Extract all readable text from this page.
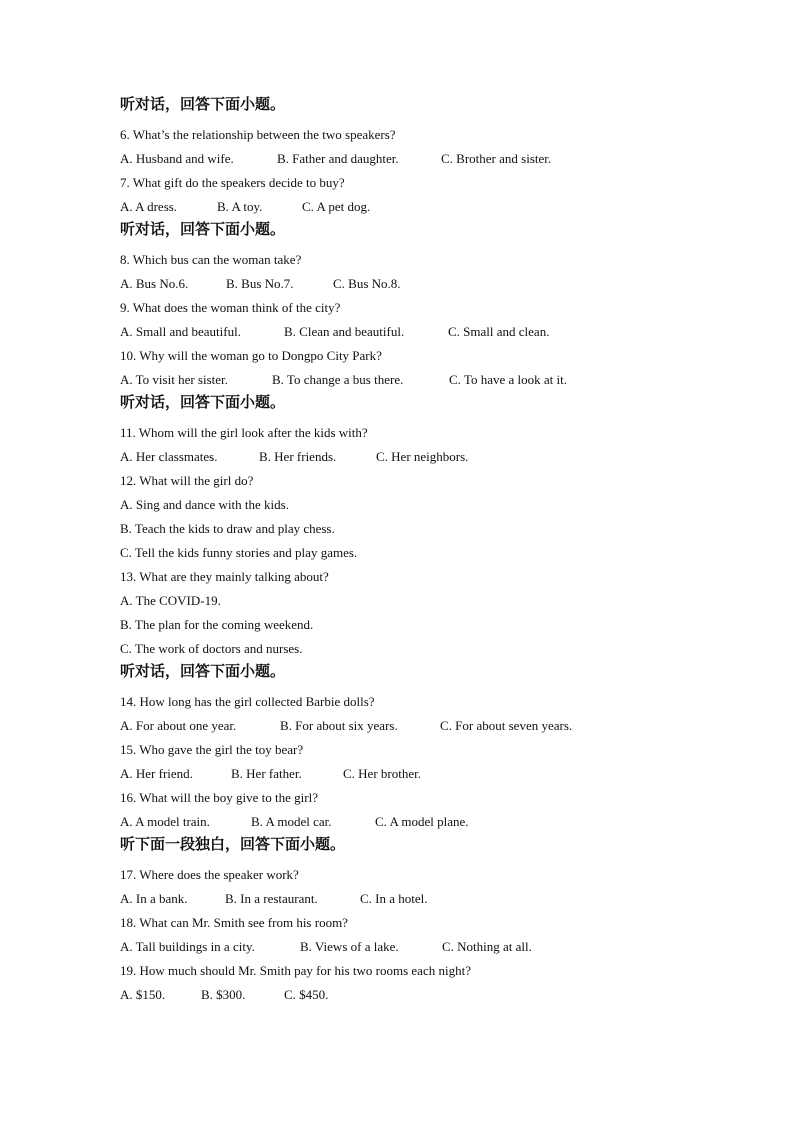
听对话，回答下面小题。
6. What’s the relationship between the two speakers?
A. Husband and wife.	B. Father and daughter.	C. Brother and sister.
7. What gift do the speakers decide to buy?
A. A dress.	B. A toy.	C. A pet dog.
听对话，回答下面小题。
8. Which bus can the woman take?
A. Bus No.6.	B. Bus No.7.	C. Bus No.8.
9. What does the woman think of the city?
A. Small and beautiful.	B. Clean and beautiful.	C. Small and clean.
10. Why will the woman go to Dongpo City Park?
A. To visit her sister.	B. To change a bus there.	C. To have a look at it.
听对话，回答下面小题。
11. Whom will the girl look after the kids with?
A. Her classmates.	B. Her friends.	C. Her neighbors.
12. What will the girl do?
A. Sing and dance with the kids.
B. Teach the kids to draw and play chess.
C. Tell the kids funny stories and play games.
13. What are they mainly talking about?
A. The COVID-19.
B. The plan for the coming weekend.
C. The work of doctors and nurses.
听对话，回答下面小题。
14. How long has the girl collected Barbie dolls?
A. For about one year.	B. For about six years.	C. For about seven years.
15. Who gave the girl the toy bear?
A. Her friend.	B. Her father.	C. Her brother.
16. What will the boy give to the girl?
A. A model train.	B. A model car.	C. A model plane.
听下面一段独白，回答下面小题。
17. Where does the speaker work?
A. In a bank.	B. In a restaurant.	C. In a hotel.
18. What can Mr. Smith see from his room?
A. Tall buildings in a city.	B. Views of a lake.	C. Nothing at all.
19. How much should Mr. Smith pay for his two rooms each night?
A. $150.	B. $300.	C. $450.
